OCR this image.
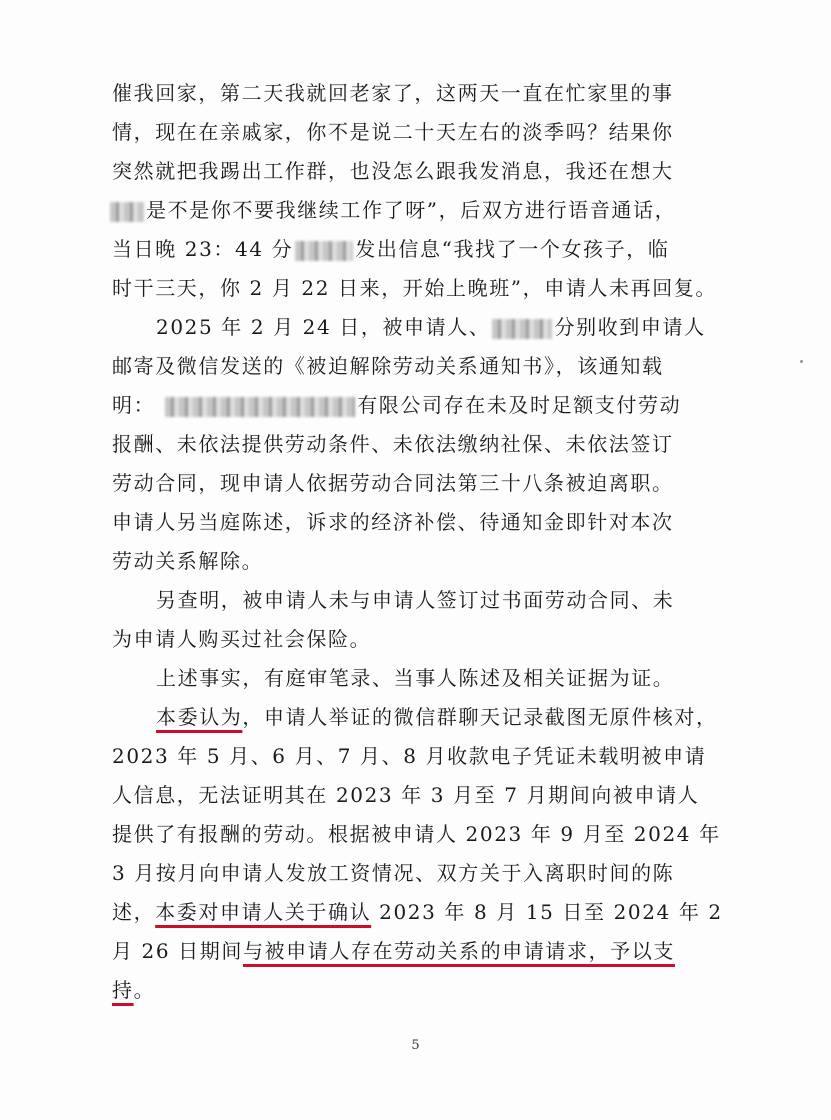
催我回家，第二天我就回老家了，这两天一直在忙家里的事
情，现在在亲戚家，你不是说二十天左右的淡季吗？结果你
突然就把我踢出工作群，也没怎么跟我发消息，我还在想大
是不是你不要我继续工作了呀”，后双方进行语音通话，
当日晚 23：44 分	发出信息“我找了一个女孩子，临
时干三天，你 2 月 22 日来，开始上晚班”，申请人未再回复。
2025 年 2 月 24 日，被申请人、	分别收到申请人
邮寄及微信发送的《被迫解除劳动关系通知书》，该通知载
明：	有限公司存在未及时足额支付劳动
报酬、未依法提供劳动条件、未依法缴纳社保、未依法签订
劳动合同，现申请人依据劳动合同法第三十八条被迫离职。
申请人另当庭陈述，诉求的经济补偿、待通知金即针对本次
劳动关系解除。
另查明，被申请人未与申请人签订过书面劳动合同、未
为申请人购买过社会保险。
上述事实，有庭审笔录、当事人陈述及相关证据为证。
本委认为，申请人举证的微信群聊天记录截图无原件核对，
2023 年 5 月、6 月、7 月、8 月收款电子凭证未载明被申请
人信息，无法证明其在 2023 年 3 月至 7 月期间向被申请人
提供了有报酬的劳动。根据被申请人 2023 年 9 月至 2024 年
3 月按月向申请人发放工资情况、双方关于入离职时间的陈
述，本委对申请人关于确认 2023 年 8 月 15 日至 2024 年 2
月 26 日期间与被申请人存在劳动关系的申请请求，予以支
持。
5
